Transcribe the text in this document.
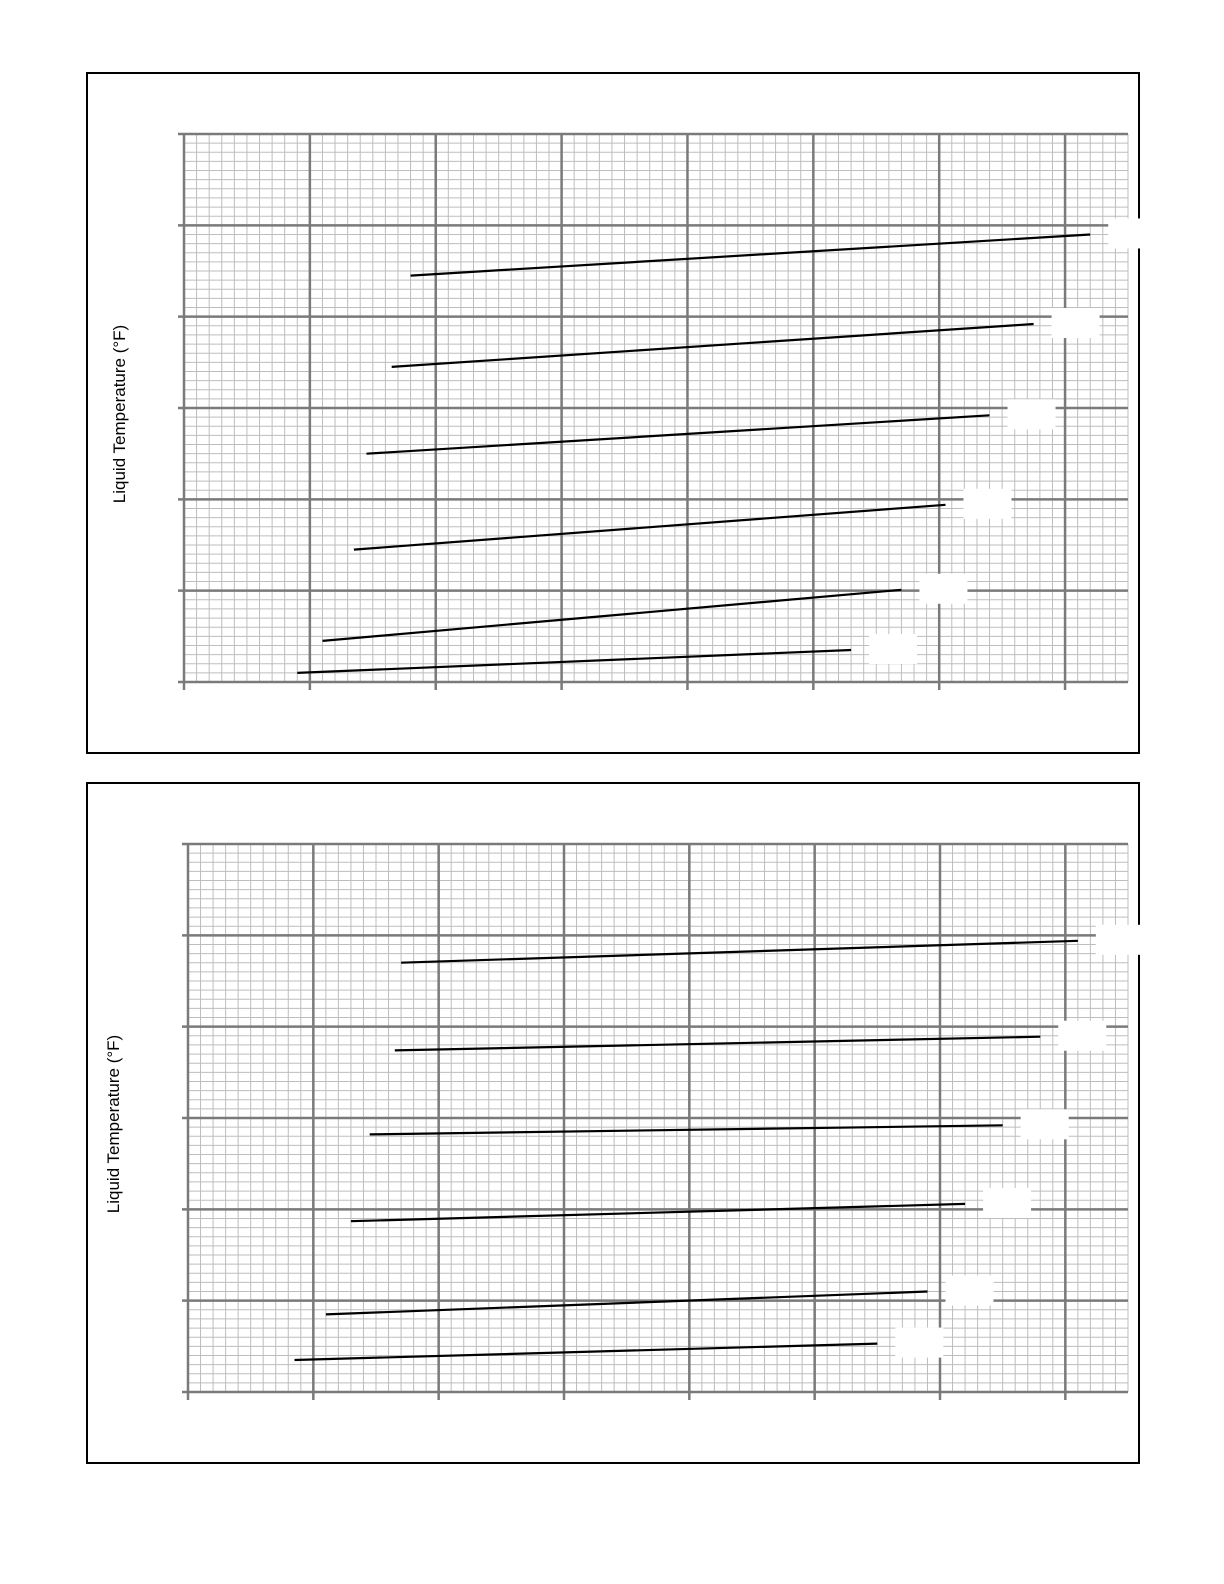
Liquid Temperature (°F)
Liquid Temperature (°F)
